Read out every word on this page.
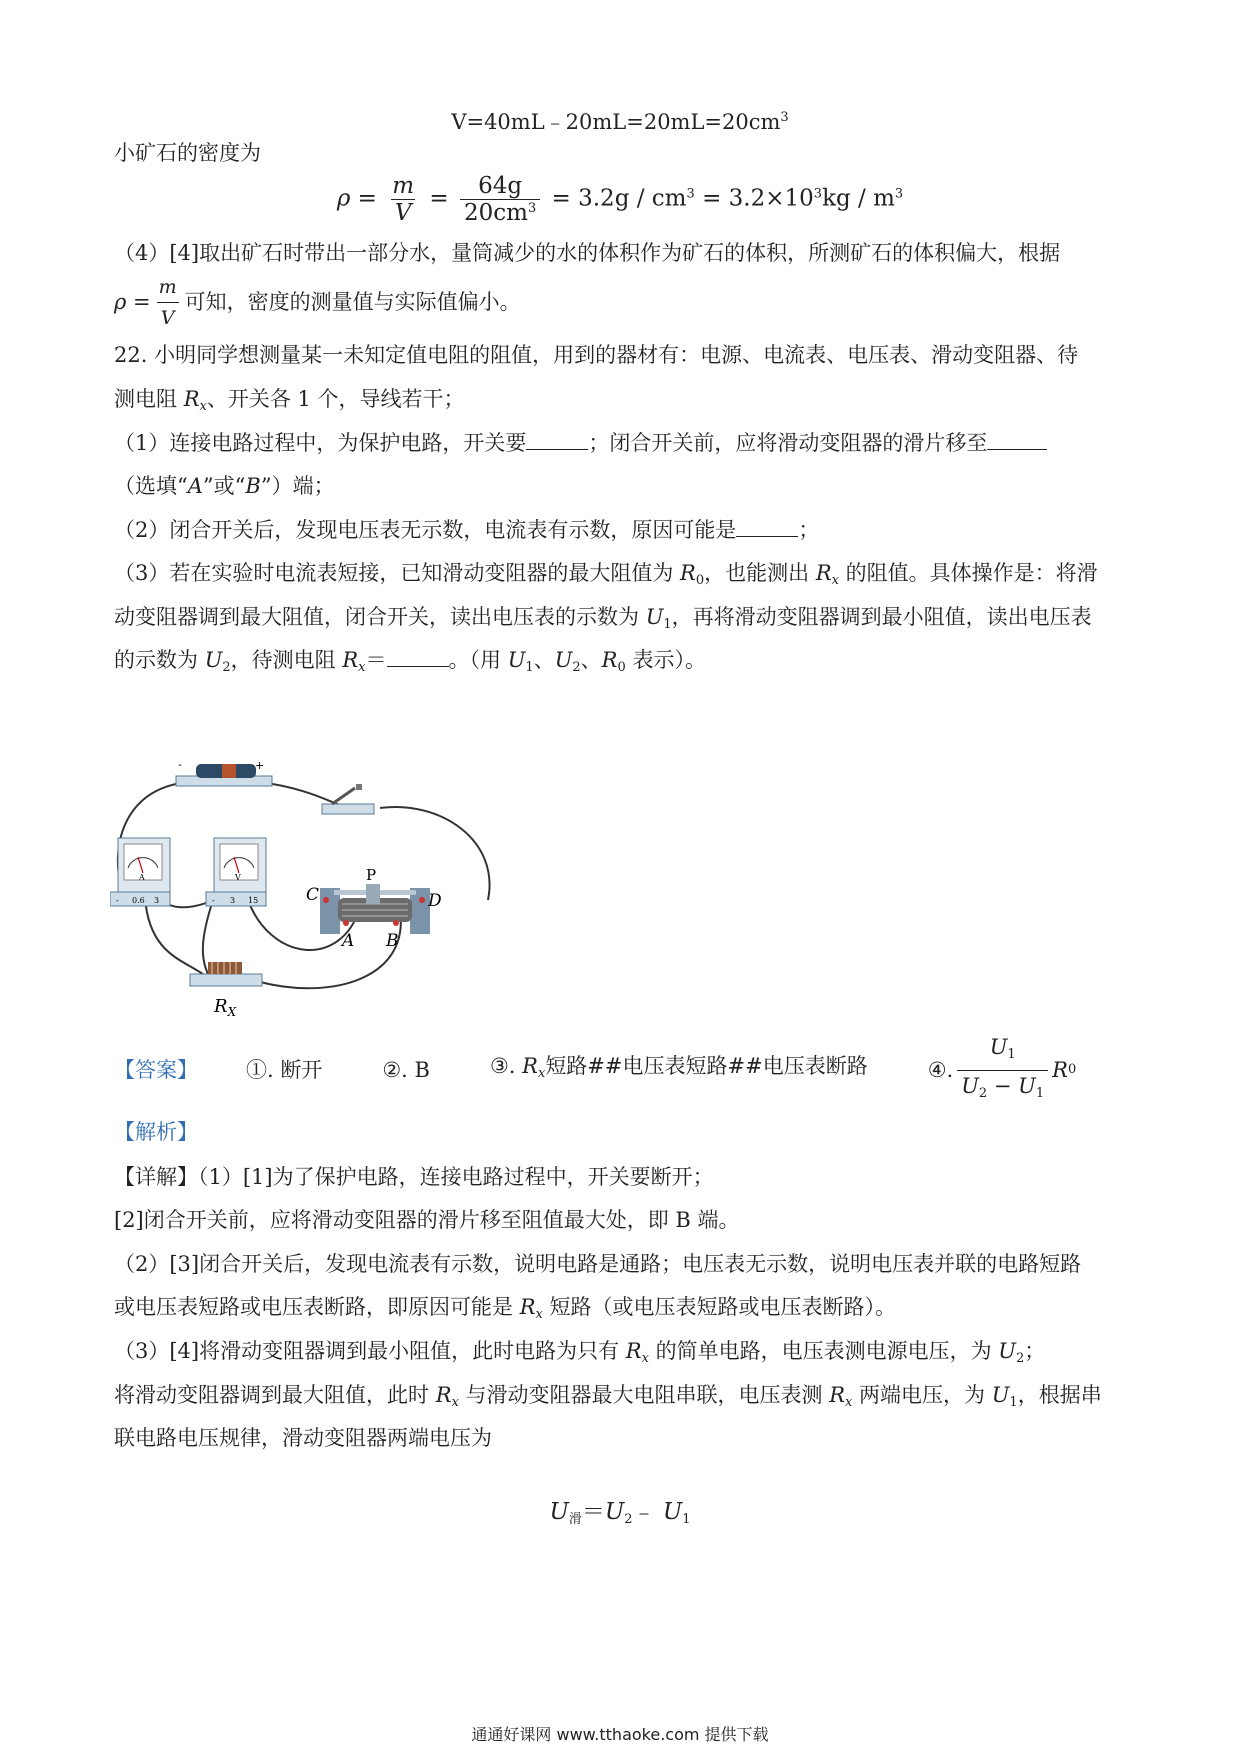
$V=40mL﹣20mL=20mL=20cm^3$
小矿石的密度为
$\rho = \frac{m}{V} = \frac{64g}{20cm^3} = 3.2g / cm^3 = 3.2\times 10^3kg / m^3$
（4）[4]取出矿石时带出一部分水，量筒减少的水的体积作为矿石的体积，所测矿石的体积偏大，根据
$\rho = \frac{m}{V}$ 可知，密度的测量值与实际值偏小。
22. 小明同学想测量某一未知定值电阻的阻值，用到的器材有：电源、电流表、电压表、滑动变阻器、待
测电阻 $R_x$、开关各 1 个，导线若干；
（1）连接电路过程中，为保护电路，开关要	；闭合开关前，应将滑动变阻器的滑片移至
（选填“A”或“B”）端；
（2）闭合开关后，发现电压表无示数，电流表有示数，原因可能是	；
（3）若在实验时电流表短接，已知滑动变阻器的最大阻值为 $R_0$，也能测出 $R_x$ 的阻值。具体操作是：将滑
动变阻器调到最大阻值，闭合开关，读出电压表的示数为 $U_1$，再将滑动变阻器调到最小阻值，读出电压表
的示数为 $U_2$，待测电阻 $R_x=$	。（用 $U_1$、$U_2$、$R_0$ 表示）。
-	+
A
- 0.6 3
V
- 3 15
$R_X$
C	D
P
A B
【答案】 ①. 断开	②. B	③. $R_x$短路##电压表短路##电压表断路	④. $\frac{U_1}{U_2 - U_1}$ R 0
【解析】
【详解】（1）[1]为了保护电路，连接电路过程中，开关要断开；
[2]闭合开关前，应将滑动变阻器的滑片移至阻值最大处，即 B 端。
（2）[3]闭合开关后，发现电流表有示数，说明电路是通路；电压表无示数，说明电压表并联的电路短路
或电压表短路或电压表断路，即原因可能是 $R_x$ 短路（或电压表短路或电压表断路）。
（3）[4]将滑动变阻器调到最小阻值，此时电路为只有 $R_x$ 的简单电路，电压表测电源电压，为 $U_2$；
将滑动变阻器调到最大阻值，此时 $R_x$ 与滑动变阻器最大电阻串联，电压表测 $R_x$ 两端电压，为 $U_1$，根据串
联电路电压规律，滑动变阻器两端电压为
$U_滑=U_2﹣$ $U_1$
通通好课网 www.tthaoke.com 提供下载
